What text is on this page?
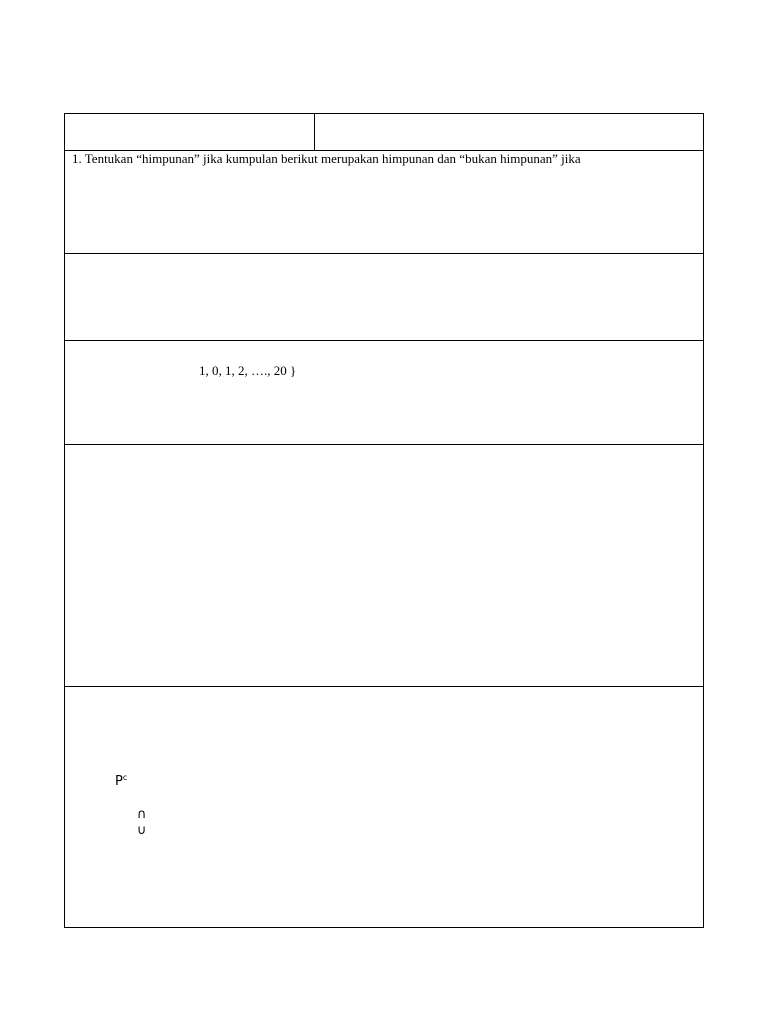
1. Tentukan “himpunan” jika kumpulan berikut merupakan himpunan dan “bukan himpunan” jika
1, 0, 1, 2, …., 20 }
$P^c$
∩
∪
